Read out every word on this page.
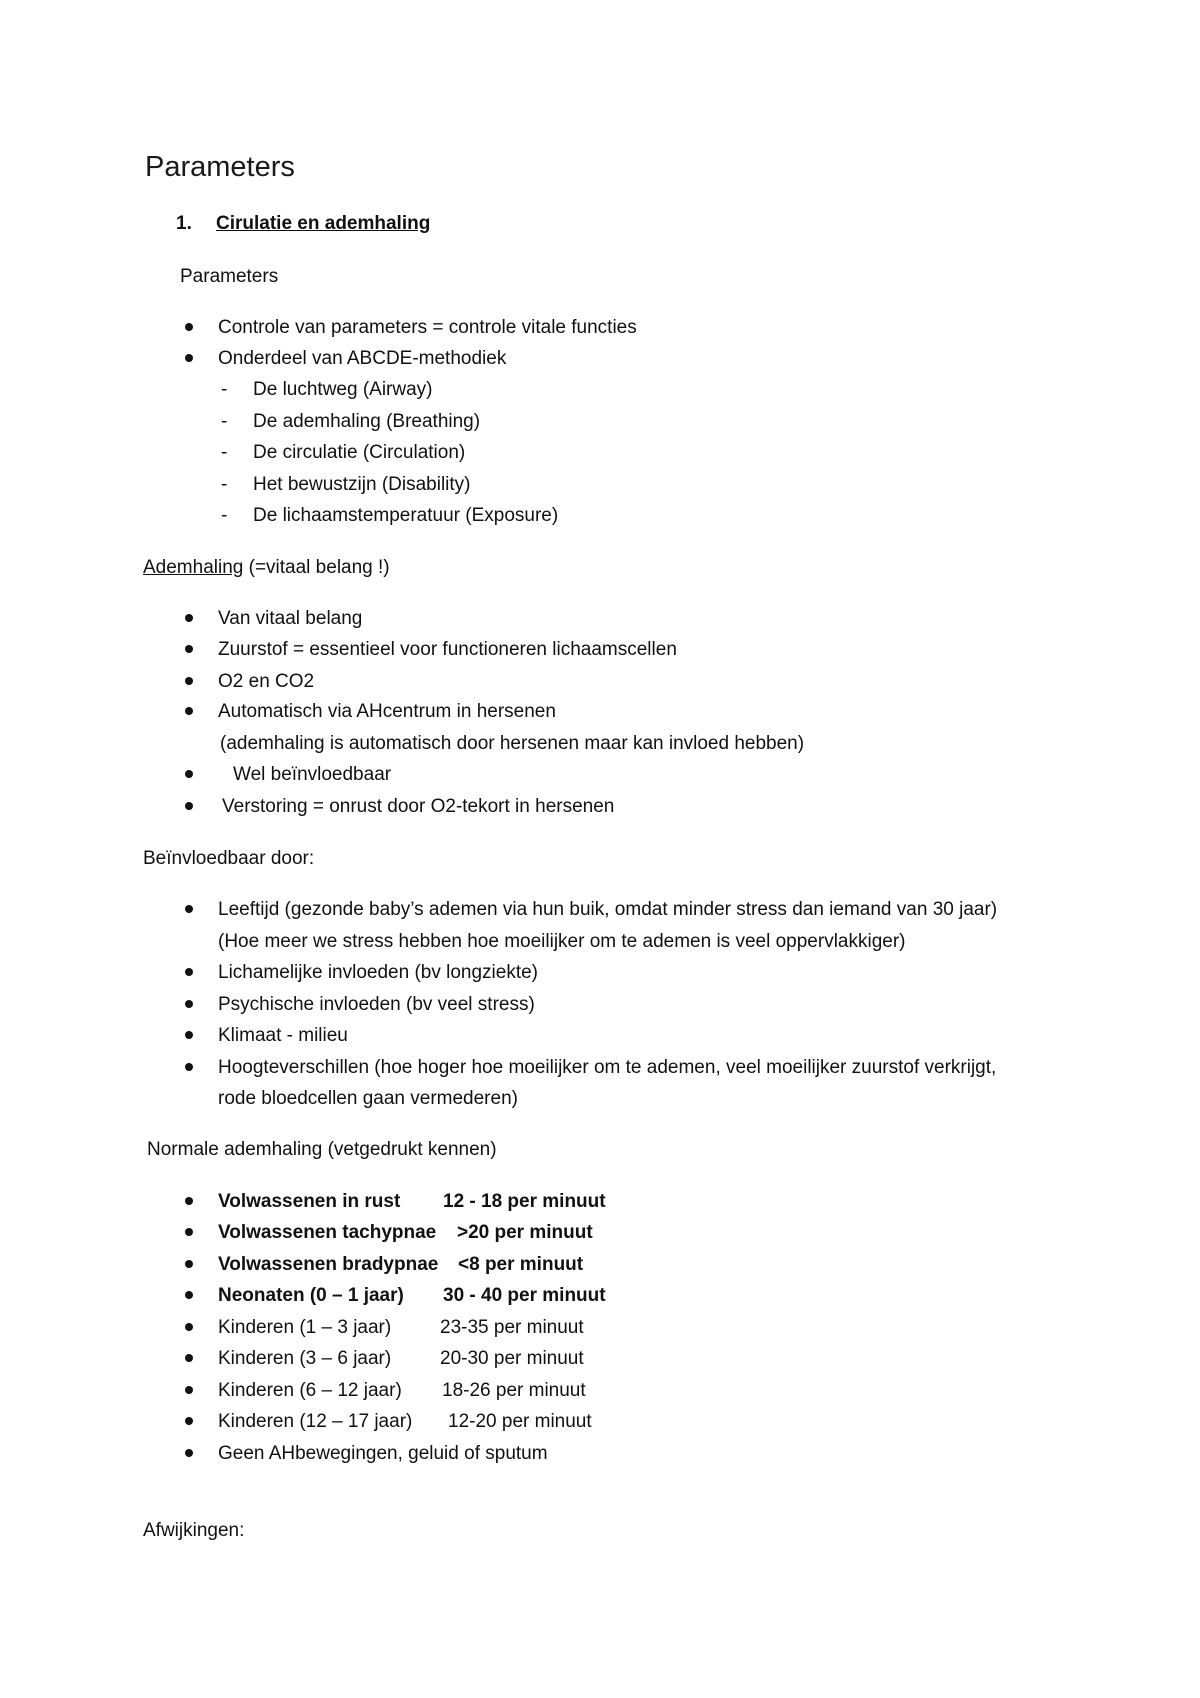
Parameters
1. Cirulatie en ademhaling
Parameters
Controle van parameters = controle vitale functies
Onderdeel van ABCDE-methodiek
- De luchtweg (Airway)
- De ademhaling (Breathing)
- De circulatie (Circulation)
- Het bewustzijn (Disability)
- De lichaamstemperatuur (Exposure)
Ademhaling (=vitaal belang !)
Van vitaal belang
Zuurstof = essentieel voor functioneren lichaamscellen
O2 en CO2
Automatisch via AHcentrum in hersenen
(ademhaling is automatisch door hersenen maar kan invloed hebben)
Wel beïnvloedbaar
Verstoring = onrust door O2-tekort in hersenen
Beïnvloedbaar door:
Leeftijd (gezonde baby’s ademen via hun buik, omdat minder stress dan iemand van 30 jaar)
(Hoe meer we stress hebben hoe moeilijker om te ademen is veel oppervlakkiger)
Lichamelijke invloeden (bv longziekte)
Psychische invloeden (bv veel stress)
Klimaat - milieu
Hoogteverschillen (hoe hoger hoe moeilijker om te ademen, veel moeilijker zuurstof verkrijgt,
rode bloedcellen gaan vermederen)
Normale ademhaling (vetgedrukt kennen)
Volwassenen in rust 12 - 18 per minuut
Volwassenen tachypnae >20 per minuut
Volwassenen bradypnae <8 per minuut
Neonaten (0 – 1 jaar) 30 - 40 per minuut
Kinderen (1 – 3 jaar)	23-35 per minuut
Kinderen (3 – 6 jaar)	20-30 per minuut
Kinderen (6 – 12 jaar) 18-26 per minuut
Kinderen (12 – 17 jaar) 12-20 per minuut
Geen AHbewegingen, geluid of sputum
Afwijkingen:
